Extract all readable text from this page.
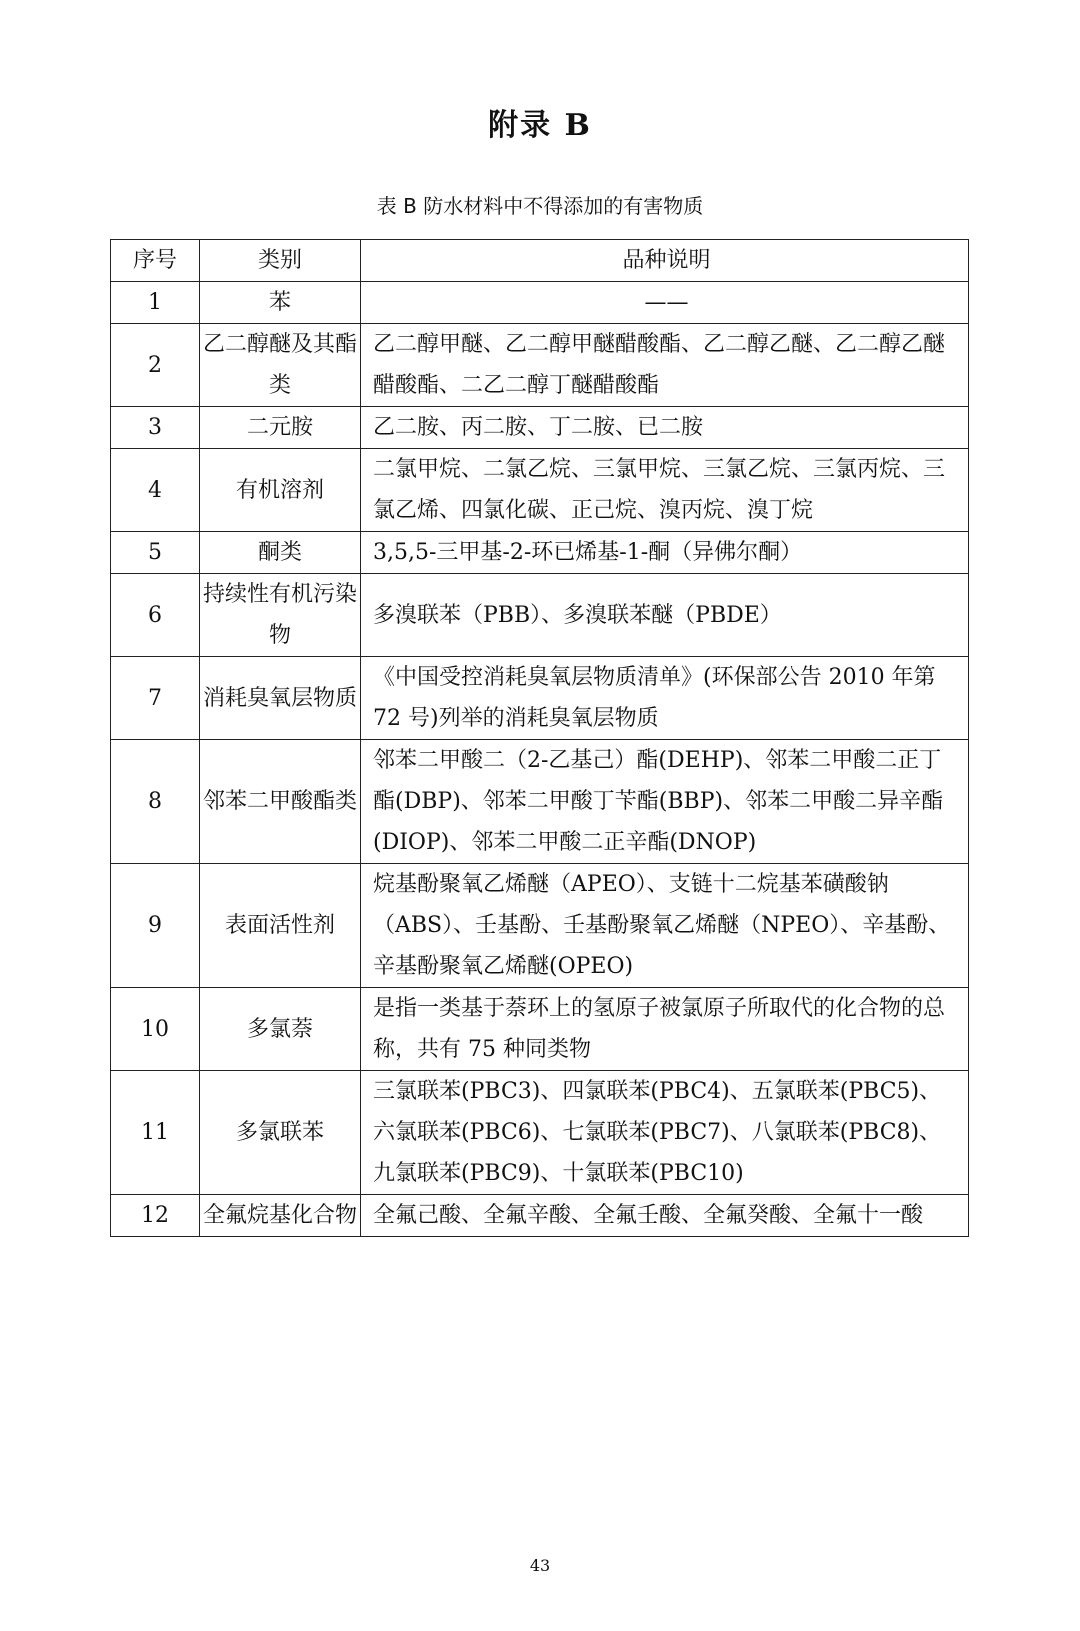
附录 B
表 B 防水材料中不得添加的有害物质
序号	类别	品种说明
1	苯	——
2	乙二醇醚及其酯类	乙二醇甲醚、乙二醇甲醚醋酸酯、乙二醇乙醚、乙二醇乙醚醋酸酯、二乙二醇丁醚醋酸酯
3	二元胺	乙二胺、丙二胺、丁二胺、已二胺
4	有机溶剂	二氯甲烷、二氯乙烷、三氯甲烷、三氯乙烷、三氯丙烷、三氯乙烯、四氯化碳、正己烷、溴丙烷、溴丁烷
5	酮类	3,5,5-三甲基-2-环已烯基-1-酮（异佛尔酮）
6	持续性有机污染物	多溴联苯（PBB）、多溴联苯醚（PBDE）
7	消耗臭氧层物质	《中国受控消耗臭氧层物质清单》(环保部公告 2010 年第 72 号)列举的消耗臭氧层物质
8	邻苯二甲酸酯类	邻苯二甲酸二（2-乙基己）酯(DEHP)、邻苯二甲酸二正丁酯(DBP)、邻苯二甲酸丁苄酯(BBP)、邻苯二甲酸二异辛酯(DIOP)、邻苯二甲酸二正辛酯(DNOP)
9	表面活性剂	烷基酚聚氧乙烯醚（APEO）、支链十二烷基苯磺酸钠（ABS）、壬基酚、壬基酚聚氧乙烯醚（NPEO）、辛基酚、辛基酚聚氧乙烯醚(OPEO)
10	多氯萘	是指一类基于萘环上的氢原子被氯原子所取代的化合物的总称，共有 75 种同类物
11	多氯联苯	三氯联苯(PBC3)、四氯联苯(PBC4)、五氯联苯(PBC5)、六氯联苯(PBC6)、七氯联苯(PBC7)、八氯联苯(PBC8)、九氯联苯(PBC9)、十氯联苯(PBC10)
12	全氟烷基化合物	全氟己酸、全氟辛酸、全氟壬酸、全氟癸酸、全氟十一酸
43
